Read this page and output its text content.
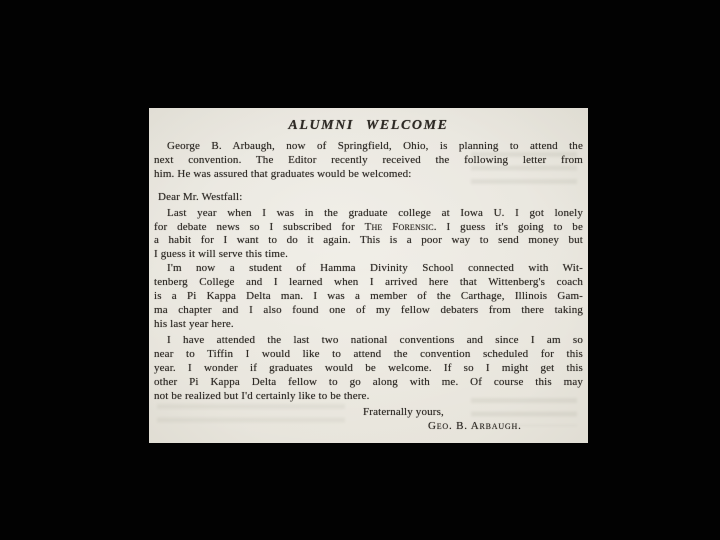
ALUMNI WELCOME
George B. Arbaugh, now of Springfield, Ohio, is planning to attend the
next convention. The Editor recently received the following letter from
him. He was assured that graduates would be welcomed:
Dear Mr. Westfall:
Last year when I was in the graduate college at Iowa U. I got lonely
for debate news so I subscribed for The Forensic. I guess it's going to be
a habit for I want to do it again. This is a poor way to send money but
I guess it will serve this time.
I'm now a student of Hamma Divinity School connected with Wit-
tenberg College and I learned when I arrived here that Wittenberg's coach
is a Pi Kappa Delta man. I was a member of the Carthage, Illinois Gam-
ma chapter and I also found one of my fellow debaters from there taking
his last year here.
I have attended the last two national conventions and since I am so
near to Tiffin I would like to attend the convention scheduled for this
year. I wonder if graduates would be welcome. If so I might get this
other Pi Kappa Delta fellow to go along with me. Of course this may
not be realized but I'd certainly like to be there.
Fraternally yours,
Geo. B. Arbaugh.
